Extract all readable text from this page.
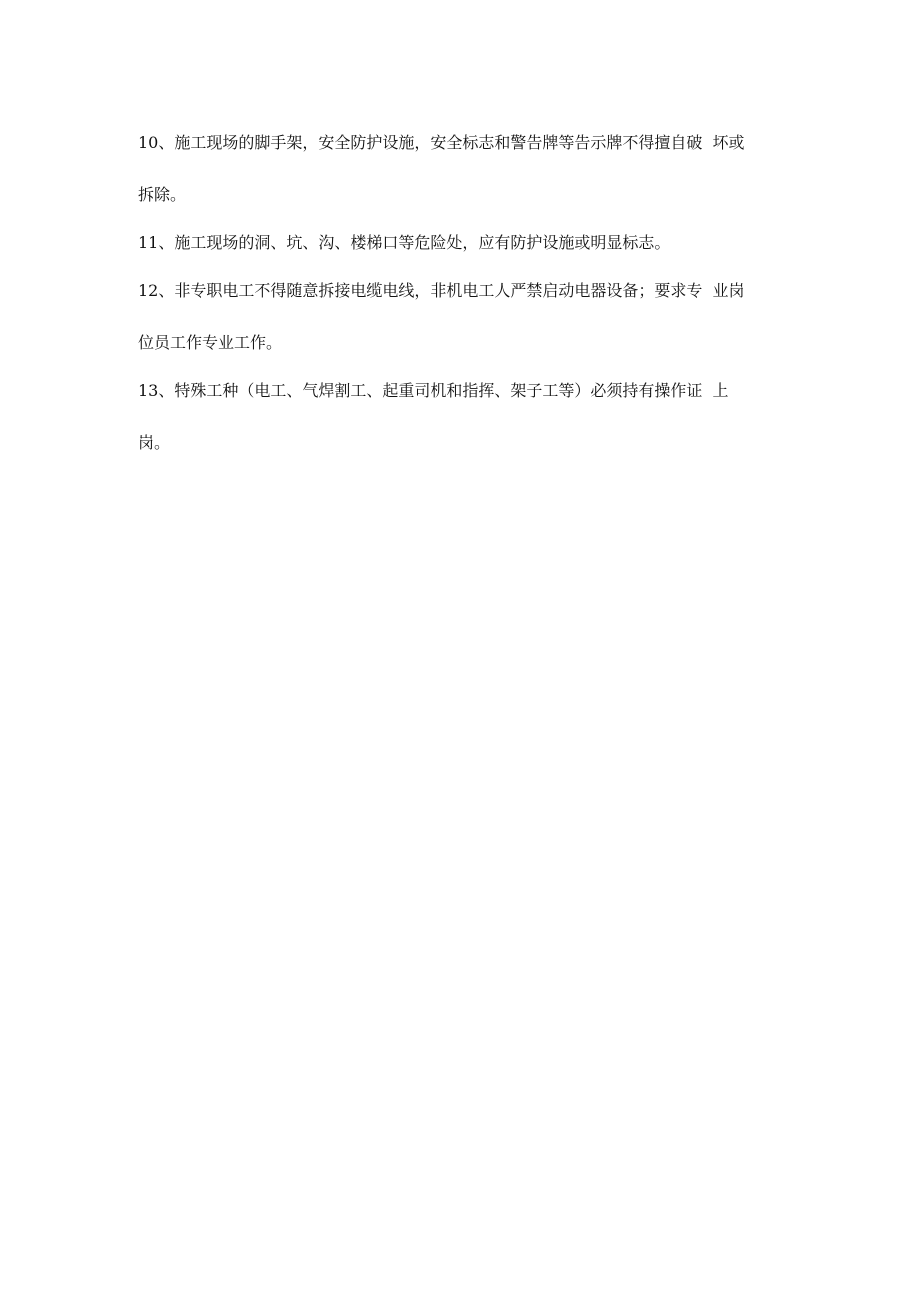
10、施工现场的脚手架，安全防护设施，安全标志和警告牌等告示牌不得擅自破  坏或
拆除。
11、施工现场的洞、坑、沟、楼梯口等危险处，应有防护设施或明显标志。
12、非专职电工不得随意拆接电缆电线，非机电工人严禁启动电器设备；要求专  业岗
位员工作专业工作。
13、特殊工种（电工、气焊割工、起重司机和指挥、架子工等）必须持有操作证  上
岗。
